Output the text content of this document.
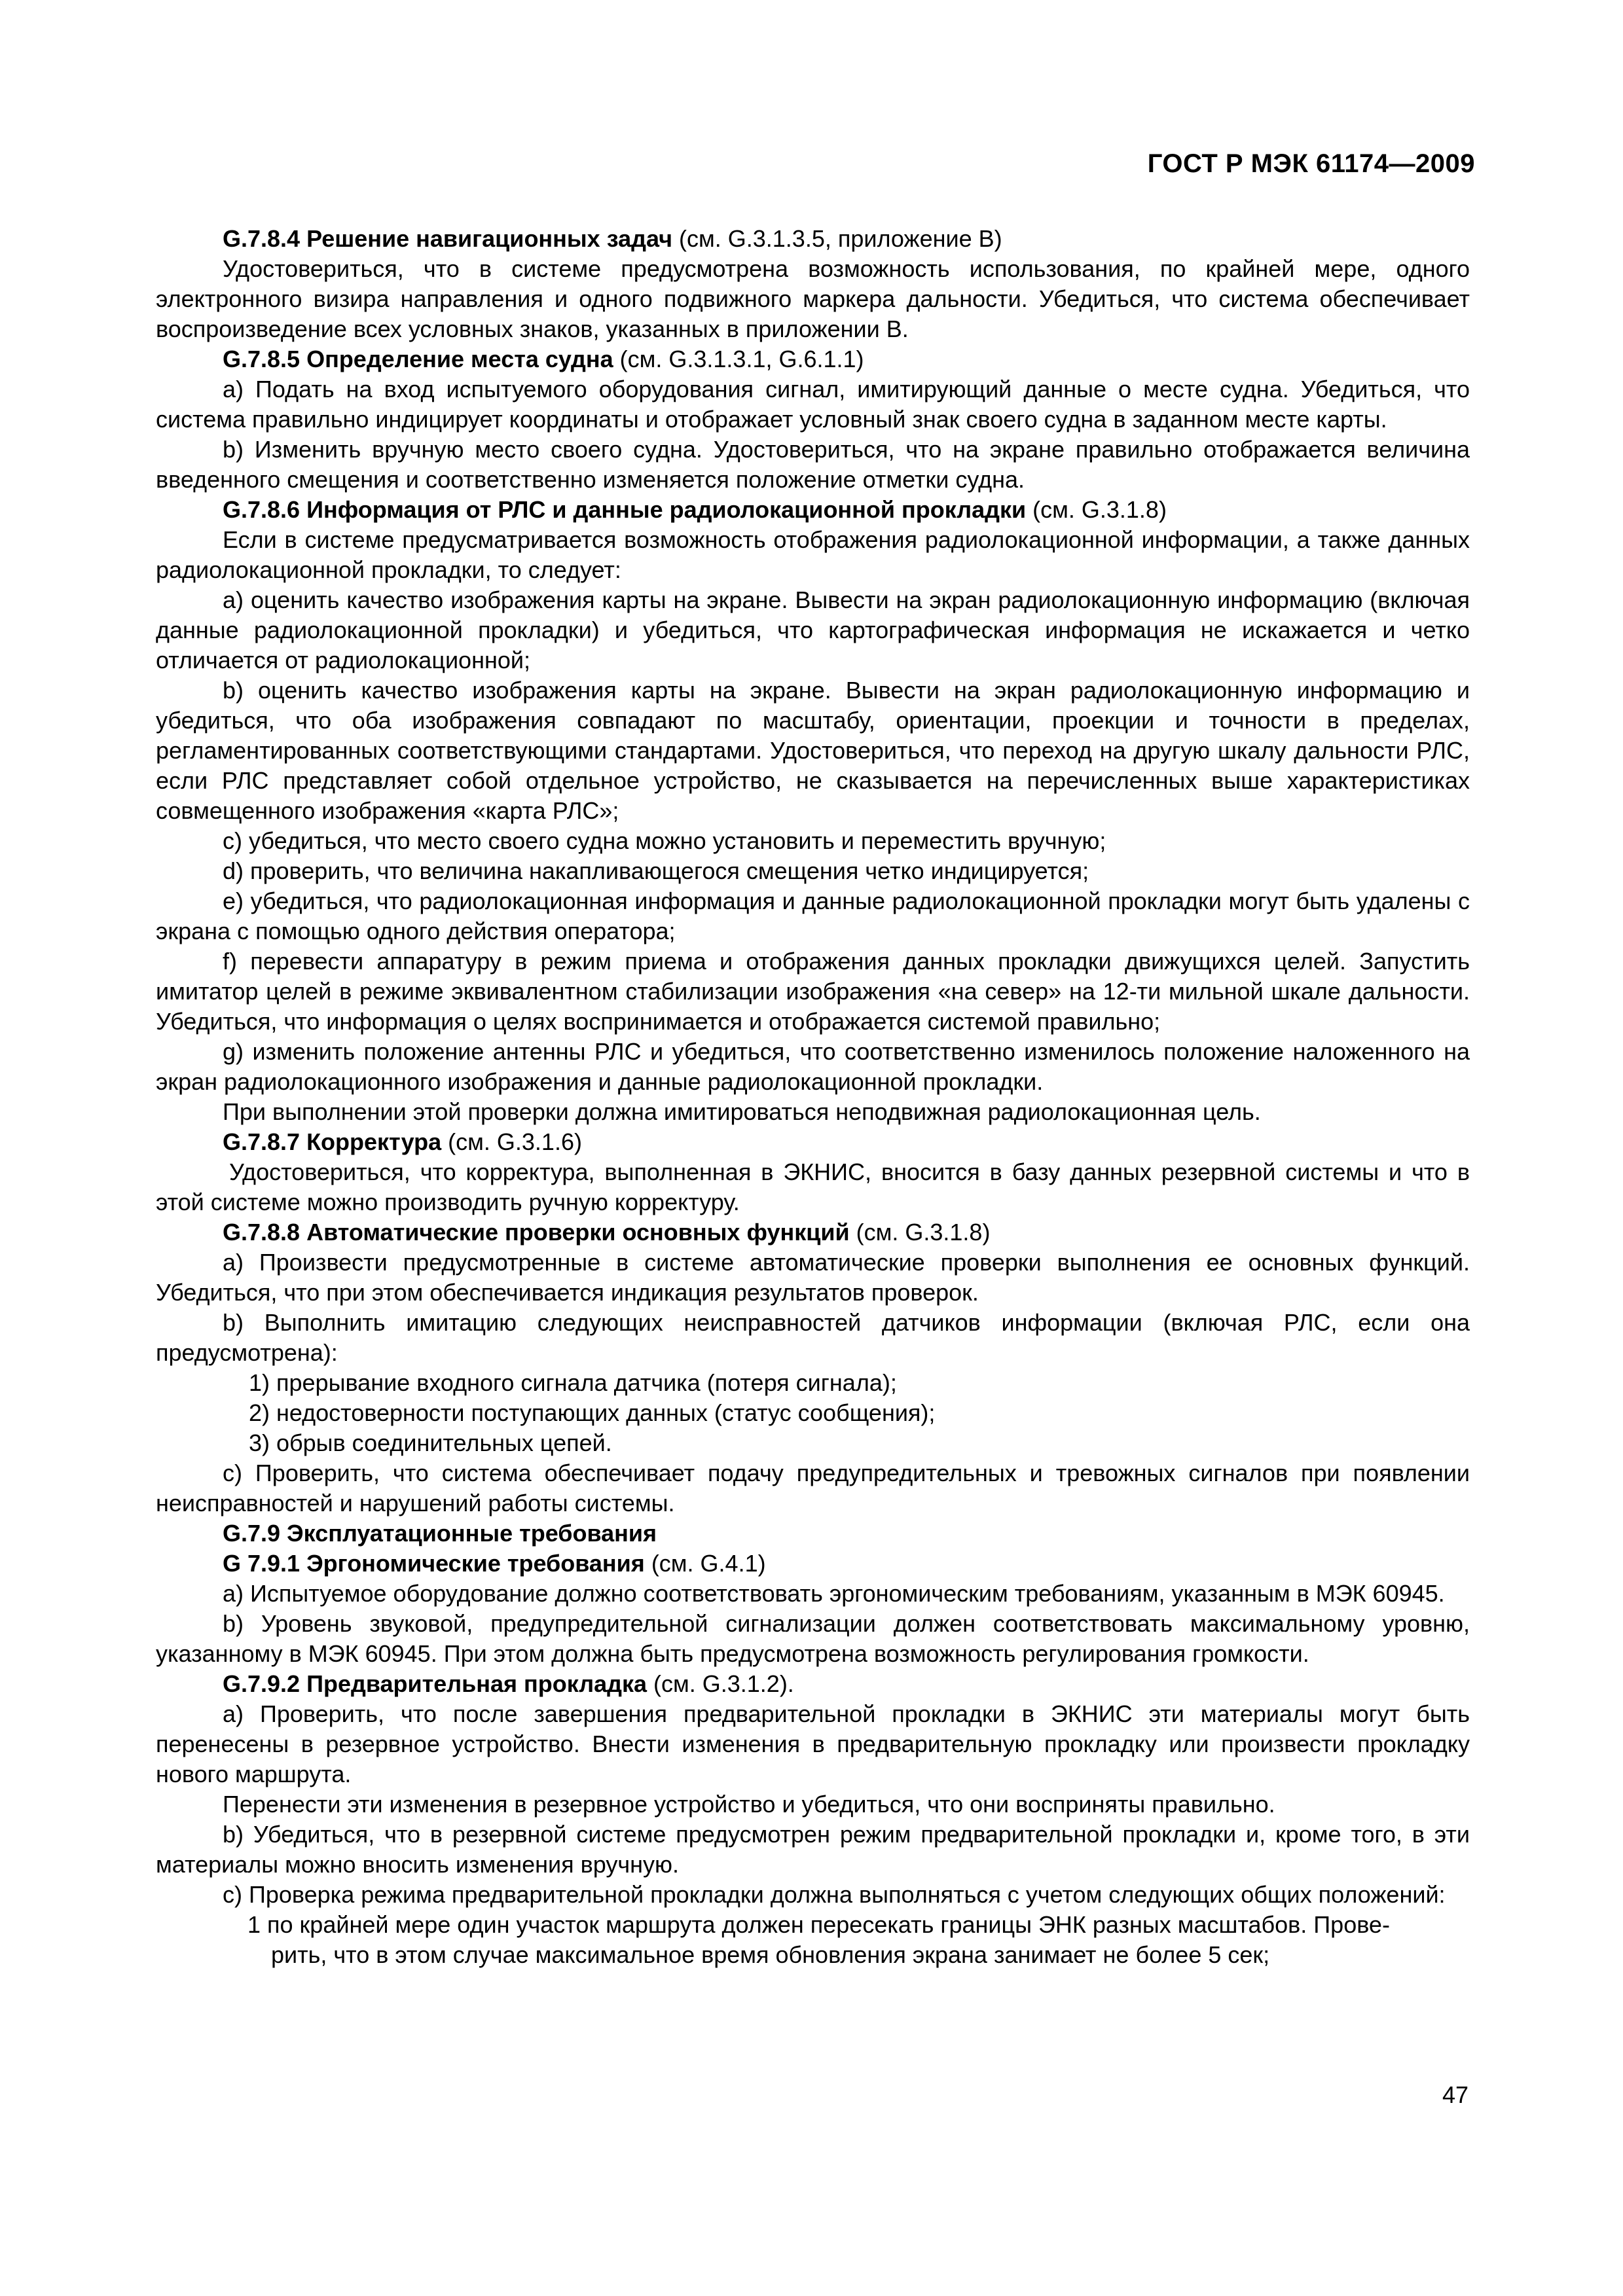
ГОСТ Р МЭК 61174—2009

G.7.8.4 Решение навигационных задач (см. G.3.1.3.5, приложение B)

Удостовериться, что в системе предусмотрена возможность использования, по крайней мере, одного электронного визира направления и одного подвижного маркера дальности. Убедиться, что система обеспечивает воспроизведение всех условных знаков, указанных в приложении B.

G.7.8.5 Определение места судна (см. G.3.1.3.1, G.6.1.1)

а) Подать на вход испытуемого оборудования сигнал, имитирующий данные о месте судна. Убедиться, что система правильно индицирует координаты и отображает условный знак своего судна в заданном месте карты.

b) Изменить вручную место своего судна. Удостовериться, что на экране правильно отображается величина введенного смещения и соответственно изменяется положение отметки судна.

G.7.8.6 Информация от РЛС и данные радиолокационной прокладки (см. G.3.1.8)

Если в системе предусматривается возможность отображения радиолокационной информации, а также данных радиолокационной прокладки, то следует:

а) оценить качество изображения карты на экране. Вывести на экран радиолокационную информацию (включая данные радиолокационной прокладки) и убедиться, что картографическая информация не искажается и четко отличается от радиолокационной;

b) оценить качество изображения карты на экране. Вывести на экран радиолокационную информацию и убедиться, что оба изображения совпадают по масштабу, ориентации, проекции и точности в пределах, регламентированных соответствующими стандартами. Удостовериться, что переход на другую шкалу дальности РЛС, если РЛС представляет собой отдельное устройство, не сказывается на перечисленных выше характеристиках совмещенного изображения «карта РЛС»;

c) убедиться, что место своего судна можно установить и переместить вручную;

d) проверить, что величина накапливающегося смещения четко индицируется;

e) убедиться, что радиолокационная информация и данные радиолокационной прокладки могут быть удалены с экрана с помощью одного действия оператора;

f) перевести аппаратуру в режим приема и отображения данных прокладки движущихся целей. Запустить имитатор целей в режиме эквивалентном стабилизации изображения «на север» на 12-ти мильной шкале дальности. Убедиться, что информация о целях воспринимается и отображается системой правильно;

g) изменить положение антенны РЛС и убедиться, что соответственно изменилось положение наложенного на экран радиолокационного изображения и данные радиолокационной прокладки.

При выполнении этой проверки должна имитироваться неподвижная радиолокационная цель.

G.7.8.7 Корректура (см. G.3.1.6)

Удостовериться, что корректура, выполненная в ЭКНИС, вносится в базу данных резервной системы и что в этой системе можно производить ручную корректуру.

G.7.8.8 Автоматические проверки основных функций (см. G.3.1.8)

а) Произвести предусмотренные в системе автоматические проверки выполнения ее основных функций. Убедиться, что при этом обеспечивается индикация результатов проверок.

b) Выполнить имитацию следующих неисправностей датчиков информации (включая РЛС, если она предусмотрена):

1) прерывание входного сигнала датчика (потеря сигнала);

2) недостоверности поступающих данных (статус сообщения);

3) обрыв соединительных цепей.

c) Проверить, что система обеспечивает подачу предупредительных и тревожных сигналов при появлении неисправностей и нарушений работы системы.

G.7.9 Эксплуатационные требования

G 7.9.1 Эргономические требования (см. G.4.1)

а) Испытуемое оборудование должно соответствовать эргономическим требованиям, указанным в МЭК 60945.

b) Уровень звуковой, предупредительной сигнализации должен соответствовать максимальному уровню, указанному в МЭК 60945. При этом должна быть предусмотрена возможность регулирования громкости.

G.7.9.2 Предварительная прокладка (см. G.3.1.2).

а) Проверить, что после завершения предварительной прокладки в ЭКНИС эти материалы могут быть перенесены в резервное устройство. Внести изменения в предварительную прокладку или произвести прокладку нового маршрута.

Перенести эти изменения в резервное устройство и убедиться, что они восприняты правильно.

b) Убедиться, что в резервной системе предусмотрен режим предварительной прокладки и, кроме того, в эти материалы можно вносить изменения вручную.

c) Проверка режима предварительной прокладки должна выполняться с учетом следующих общих положений:

1 по крайней мере один участок маршрута должен пересекать границы ЭНК разных масштабов. Прове-
рить, что в этом случае максимальное время обновления экрана занимает не более 5 сек;
47
